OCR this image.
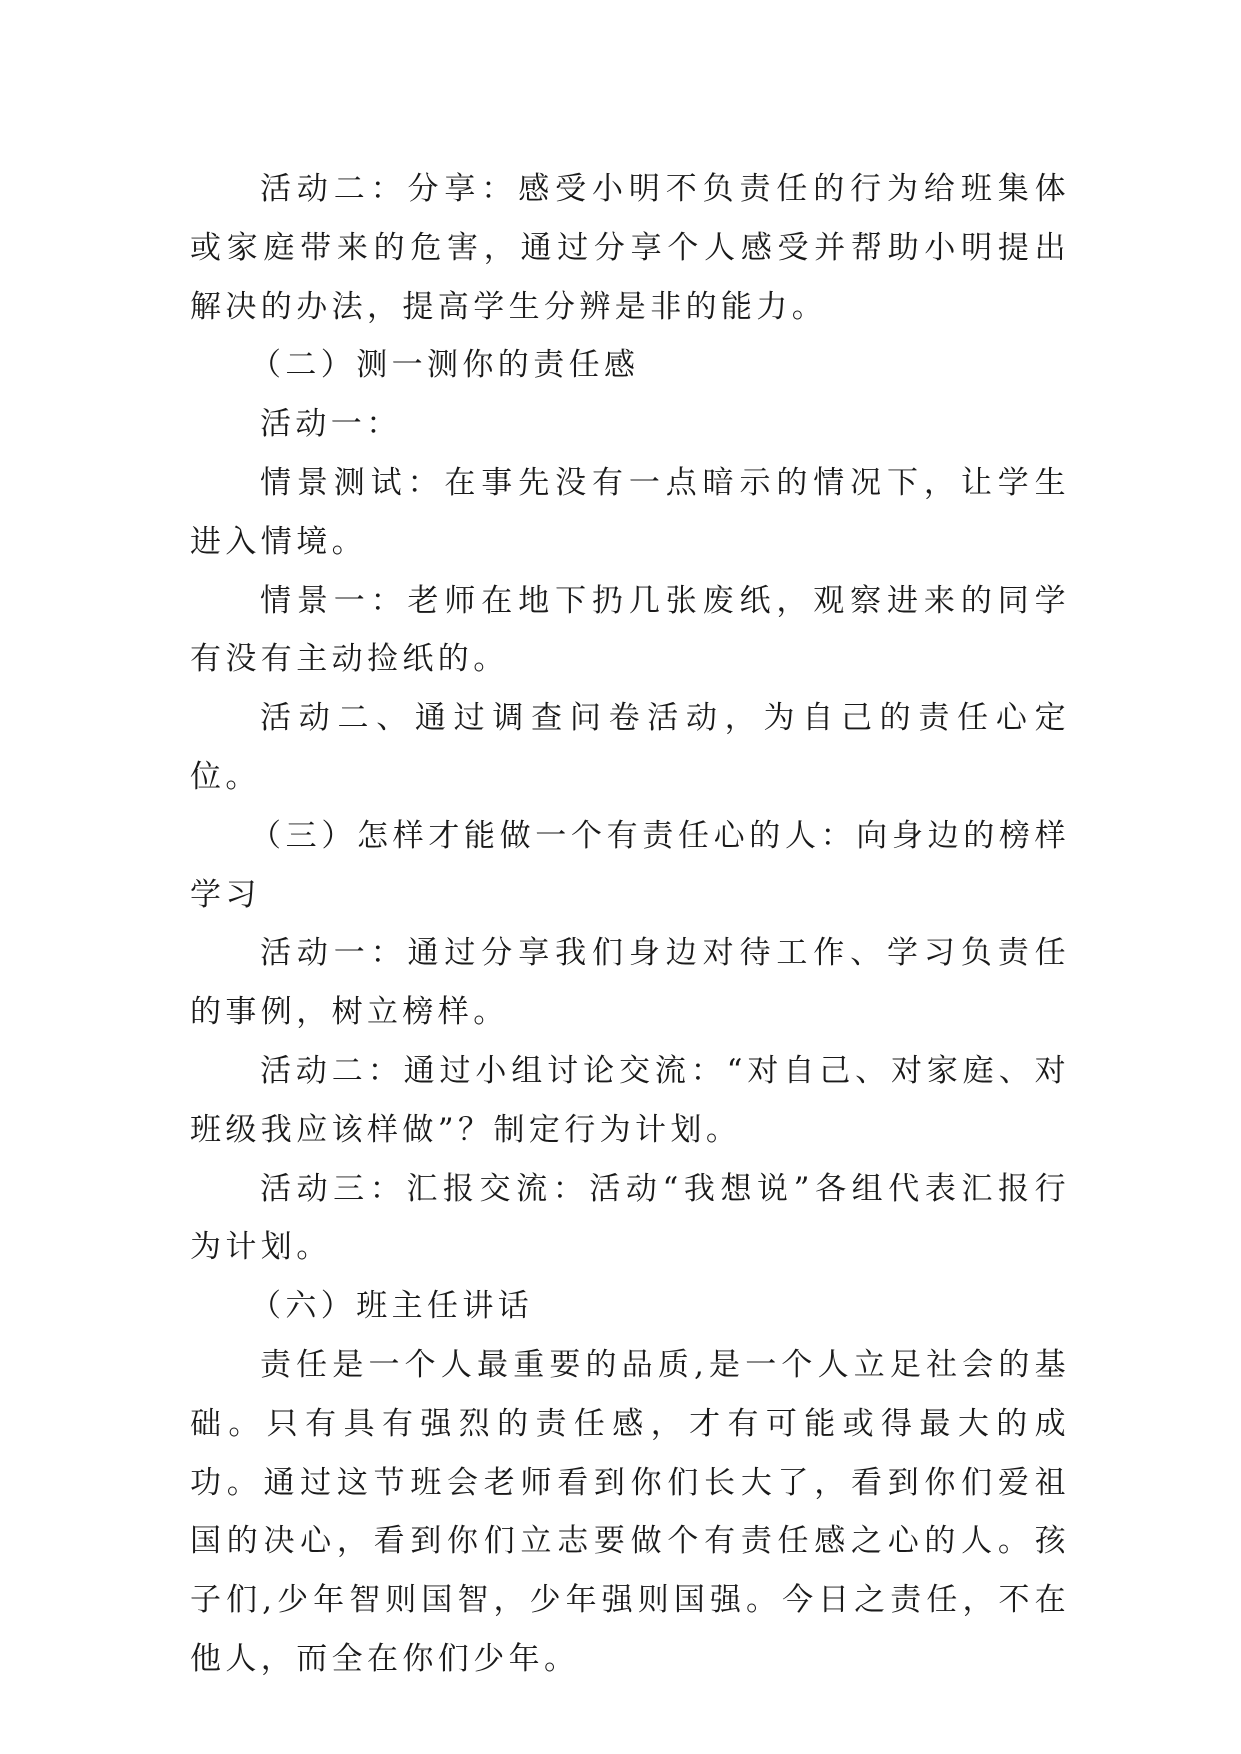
活动二：分享：感受小明不负责任的行为给班集体或家庭带来的危害，通过分享个人感受并帮助小明提出解决的办法，提高学生分辨是非的能力。

（二）测一测你的责任感

活动一：

情景测试：在事先没有一点暗示的情况下，让学生进入情境。

情景一：老师在地下扔几张废纸，观察进来的同学有没有主动捡纸的。

活动二、通过调查问卷活动，为自己的责任心定位。

（三）怎样才能做一个有责任心的人：向身边的榜样学习

活动一：通过分享我们身边对待工作、学习负责任的事例，树立榜样。

活动二：通过小组讨论交流：“对自己、对家庭、对班级我应该样做”？制定行为计划。

活动三：汇报交流：活动“我想说”各组代表汇报行为计划。

（六）班主任讲话

责任是一个人最重要的品质,是一个人立足社会的基础。只有具有强烈的责任感，才有可能或得最大的成功。通过这节班会老师看到你们长大了，看到你们爱祖国的决心，看到你们立志要做个有责任感之心的人。孩子们,少年智则国智，少年强则国强。今日之责任，不在他人，而全在你们少年。
